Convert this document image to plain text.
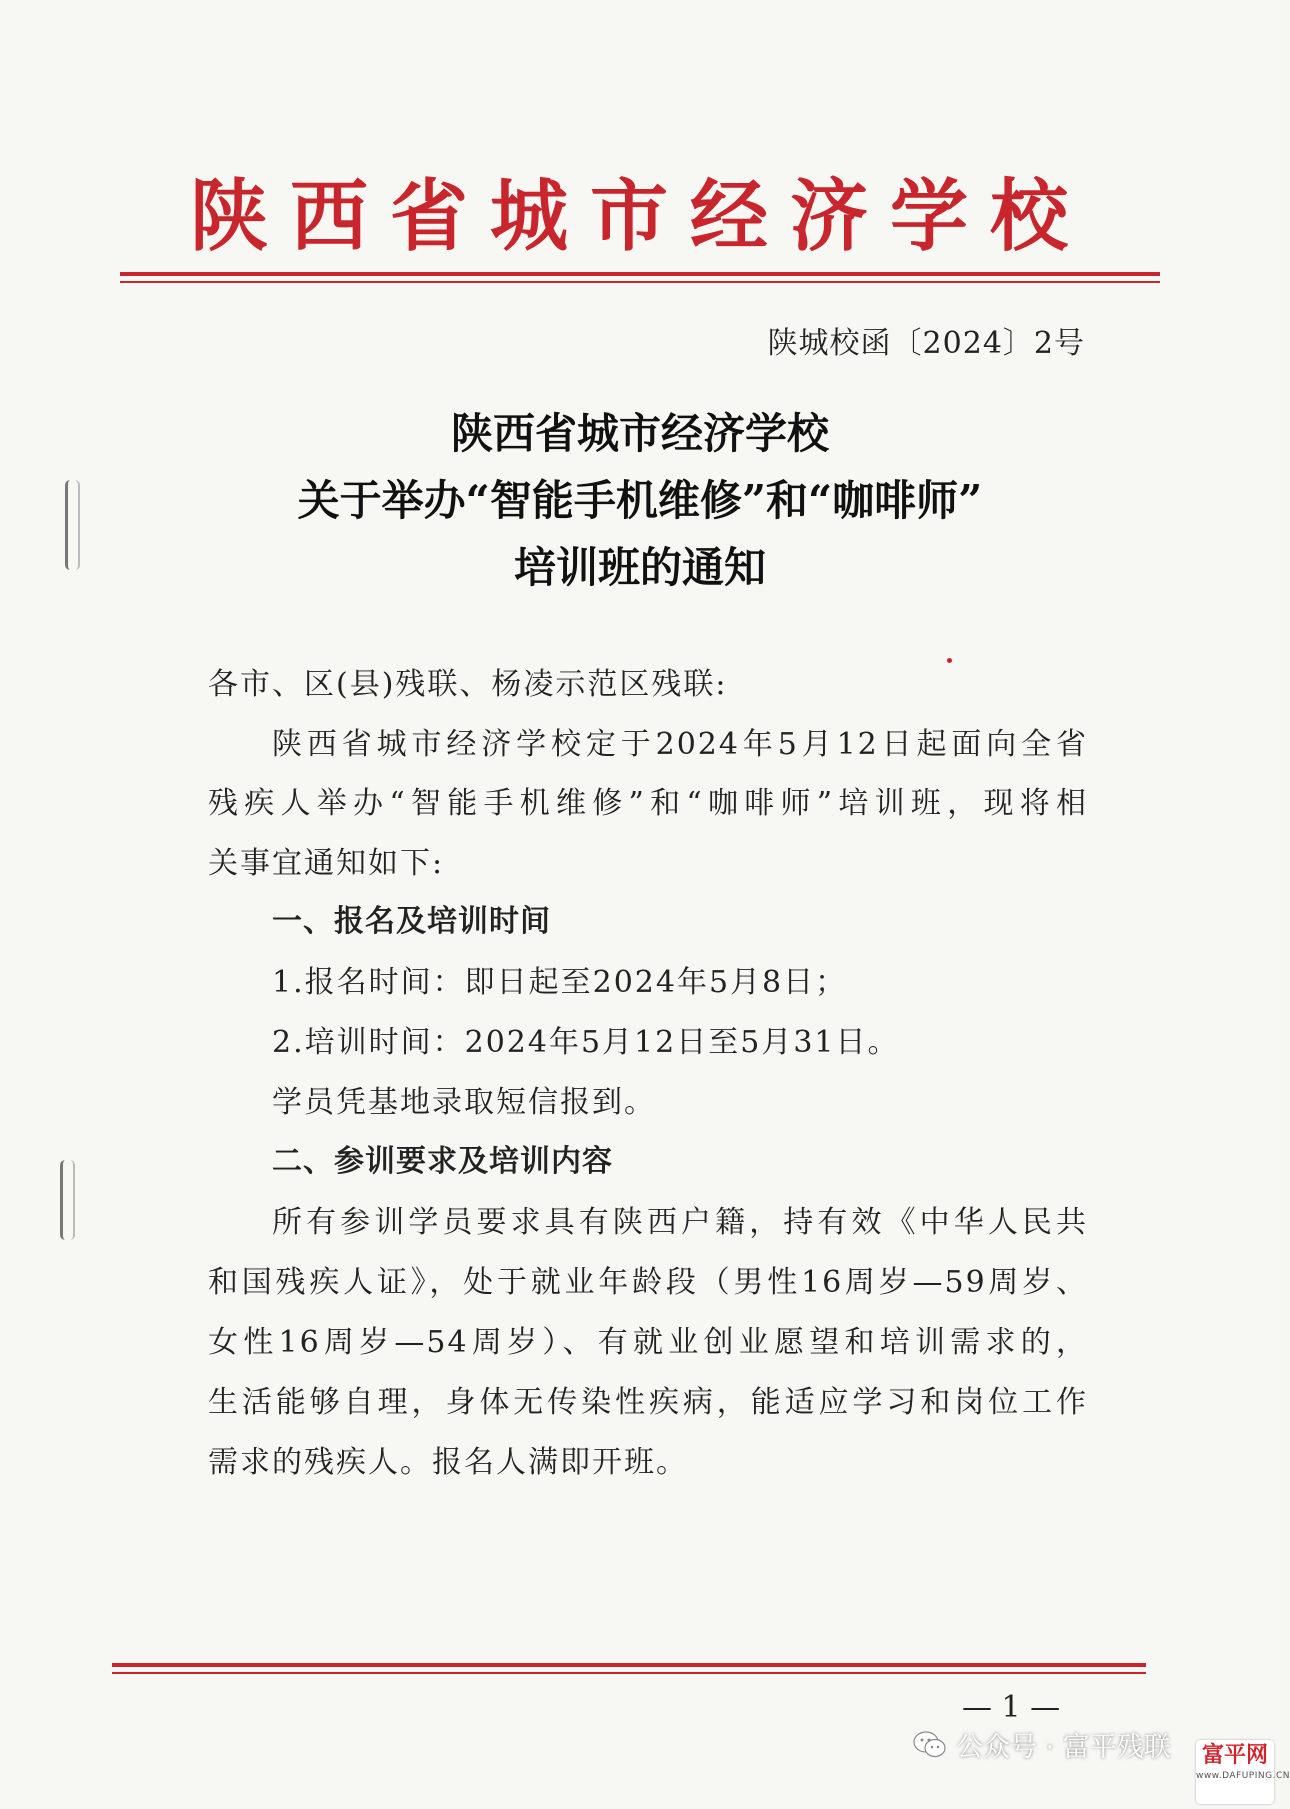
陕西省城市经济学校
陕城校函〔2024〕2号
陕西省城市经济学校
关于举办“智能手机维修”和“咖啡师”
培训班的通知
各市、区(县)残联、杨凌示范区残联:
陕西省城市经济学校定于2024年5月12日起面向全省
残疾人举办“智能手机维修”和“咖啡师”培训班，现将相
关事宜通知如下:
一、报名及培训时间
1.报名时间：即日起至2024年5月8日；
2.培训时间：2024年5月12日至5月31日。
学员凭基地录取短信报到。
二、参训要求及培训内容
所有参训学员要求具有陕西户籍，持有效《中华人民共
和国残疾人证》，处于就业年龄段（男性16周岁—59周岁、
女性16周岁—54周岁）、有就业创业愿望和培训需求的，
生活能够自理，身体无传染性疾病，能适应学习和岗位工作
需求的残疾人。报名人满即开班。
— 1 —
公众号 · 富平残联 富平网
www.DAFUPING.CN
